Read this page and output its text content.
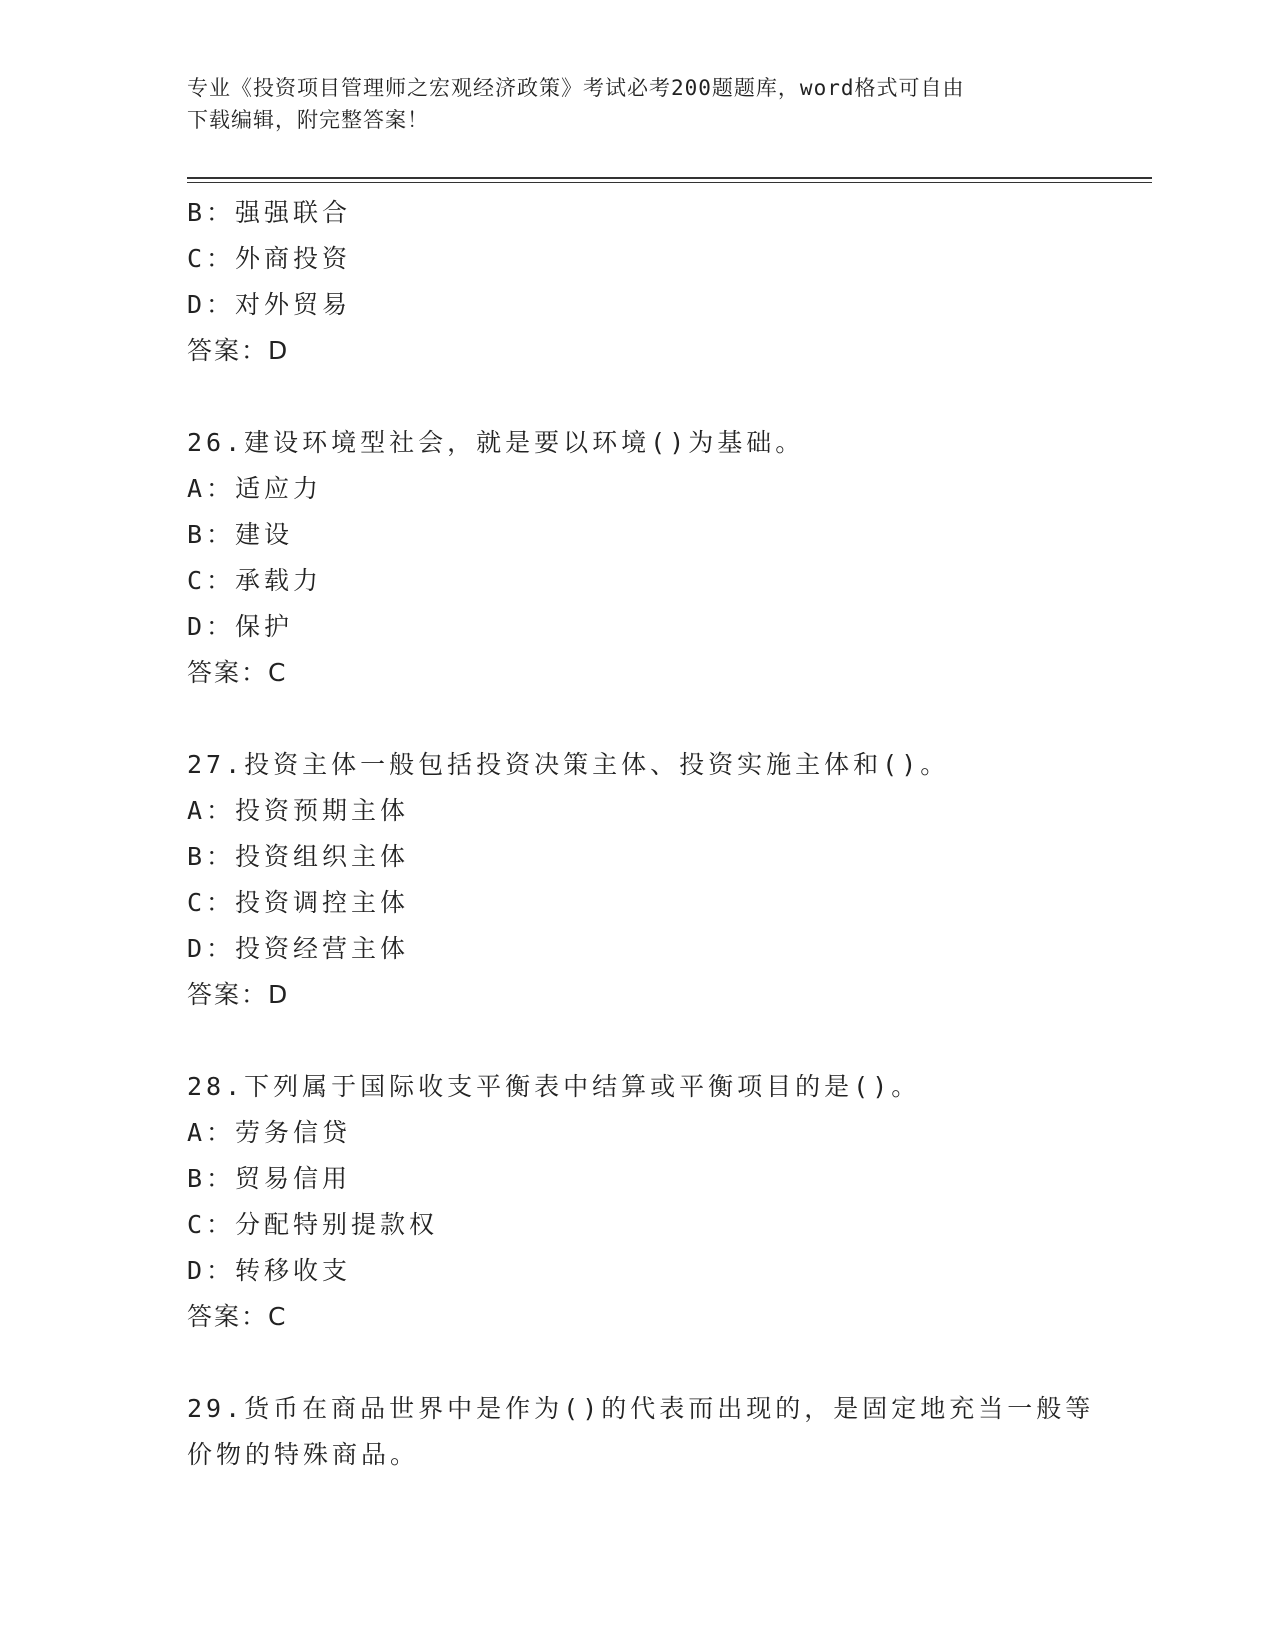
专业《投资项目管理师之宏观经济政策》考试必考200题题库，word格式可自由
下载编辑，附完整答案！
B：强强联合
C：外商投资
D：对外贸易
答案：D
26.建设环境型社会，就是要以环境()为基础。
A：适应力
B：建设
C：承载力
D：保护
答案：C
27.投资主体一般包括投资决策主体、投资实施主体和()。
A：投资预期主体
B：投资组织主体
C：投资调控主体
D：投资经营主体
答案：D
28.下列属于国际收支平衡表中结算或平衡项目的是()。
A：劳务信贷
B：贸易信用
C：分配特别提款权
D：转移收支
答案：C
29.货币在商品世界中是作为()的代表而出现的，是固定地充当一般等
价物的特殊商品。
